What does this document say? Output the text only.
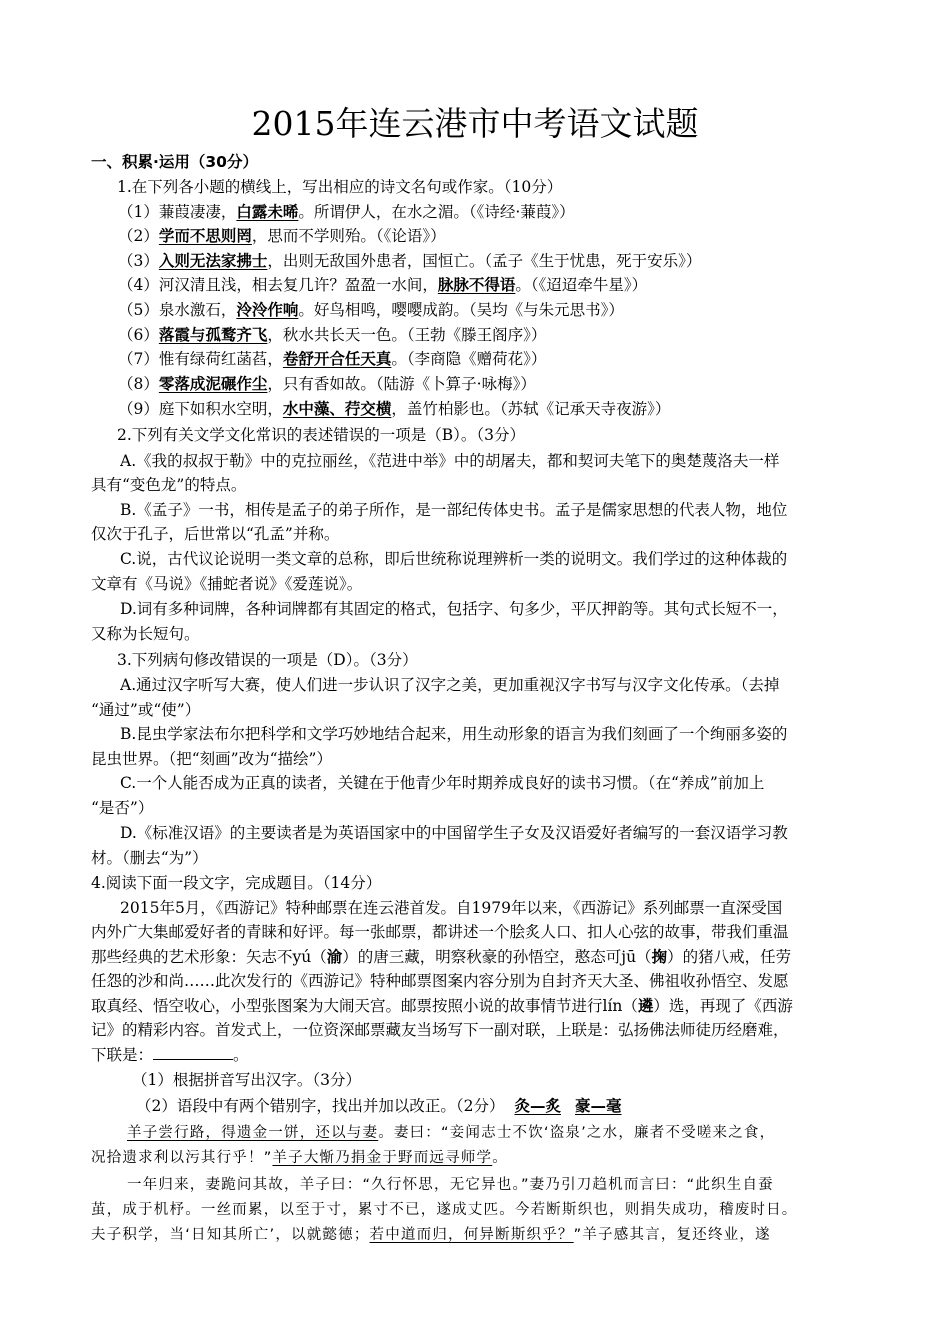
2015年连云港市中考语文试题
一、积累·运用（30分）
1.在下列各小题的横线上，写出相应的诗文名句或作家。（10分）
（1）蒹葭凄凄，白露未晞。所谓伊人，在水之湄。（《诗经·蒹葭》）
（2）学而不思则罔，思而不学则殆。（《论语》）
（3）入则无法家拂士，出则无敌国外患者，国恒亡。（孟子《生于忧患，死于安乐》）
（4）河汉清且浅，相去复几许？盈盈一水间，脉脉不得语。（《迢迢牵牛星》）
（5）泉水激石，泠泠作响。好鸟相鸣，嘤嘤成韵。（吴均《与朱元思书》）
（6）落霞与孤鹜齐飞，秋水共长天一色。（王勃《滕王阁序》）
（7）惟有绿荷红菡萏，卷舒开合任天真。（李商隐《赠荷花》）
（8）零落成泥碾作尘，只有香如故。（陆游《卜算子·咏梅》）
（9）庭下如积水空明，水中藻、荇交横，盖竹柏影也。（苏轼《记承天寺夜游》）
2.下列有关文学文化常识的表述错误的一项是（B）。（3分）
A.《我的叔叔于勒》中的克拉丽丝，《范进中举》中的胡屠夫，都和契诃夫笔下的奥楚蔑洛夫一样
具有“变色龙”的特点。
B.《孟子》一书，相传是孟子的弟子所作，是一部纪传体史书。孟子是儒家思想的代表人物，地位
仅次于孔子，后世常以“孔孟”并称。
C.说，古代议论说明一类文章的总称，即后世统称说理辨析一类的说明文。我们学过的这种体裁的
文章有《马说》《捕蛇者说》《爱莲说》。
D.词有多种词牌，各种词牌都有其固定的格式，包括字、句多少，平仄押韵等。其句式长短不一，
又称为长短句。
3.下列病句修改错误的一项是（D）。（3分）
A.通过汉字听写大赛，使人们进一步认识了汉字之美，更加重视汉字书写与汉字文化传承。（去掉
“通过”或“使”）
B.昆虫学家法布尔把科学和文学巧妙地结合起来，用生动形象的语言为我们刻画了一个绚丽多姿的
昆虫世界。（把“刻画”改为“描绘”）
C.一个人能否成为正真的读者，关键在于他青少年时期养成良好的读书习惯。（在“养成”前加上
“是否”）
D.《标准汉语》的主要读者是为英语国家中的中国留学生子女及汉语爱好者编写的一套汉语学习教
材。（删去“为”）
4.阅读下面一段文字，完成题目。（14分）
2015年5月，《西游记》特种邮票在连云港首发。自1979年以来，《西游记》系列邮票一直深受国
内外广大集邮爱好者的青睐和好评。每一张邮票，都讲述一个脍炙人口、扣人心弦的故事，带我们重温
那些经典的艺术形象：矢志不yú（渝）的唐三藏，明察秋豪的孙悟空，憨态可jū（掬）的猪八戒，任劳
任怨的沙和尚……此次发行的《西游记》特种邮票图案内容分别为自封齐天大圣、佛祖收孙悟空、发愿
取真经、悟空收心，小型张图案为大闹天宫。邮票按照小说的故事情节进行lín（遴）选，再现了《西游
记》的精彩内容。首发式上，一位资深邮票藏友当场写下一副对联，上联是：弘扬佛法师徒历经磨难，
下联是：	。
（1）根据拼音写出汉字。（3分）
（2）语段中有两个错别字，找出并加以改正。（2分） 灸—炙 豪—毫
羊子尝行路，得遗金一饼，还以与妻。妻曰：“妾闻志士不饮‘盗泉’之水，廉者不受嗟来之食，
况拾遗求利以污其行乎！”羊子大惭乃捐金于野而远寻师学。
一年归来，妻跪问其故，羊子曰：“久行怀思，无它异也。”妻乃引刀趋机而言曰：“此织生自蚕
茧，成于机杼。一丝而累，以至于寸，累寸不已，遂成丈匹。今若断斯织也，则捐失成功，稽废时日。
夫子积学，当‘日知其所亡’，以就懿德；若中道而归，何异断斯织乎？”羊子感其言，复还终业，遂
